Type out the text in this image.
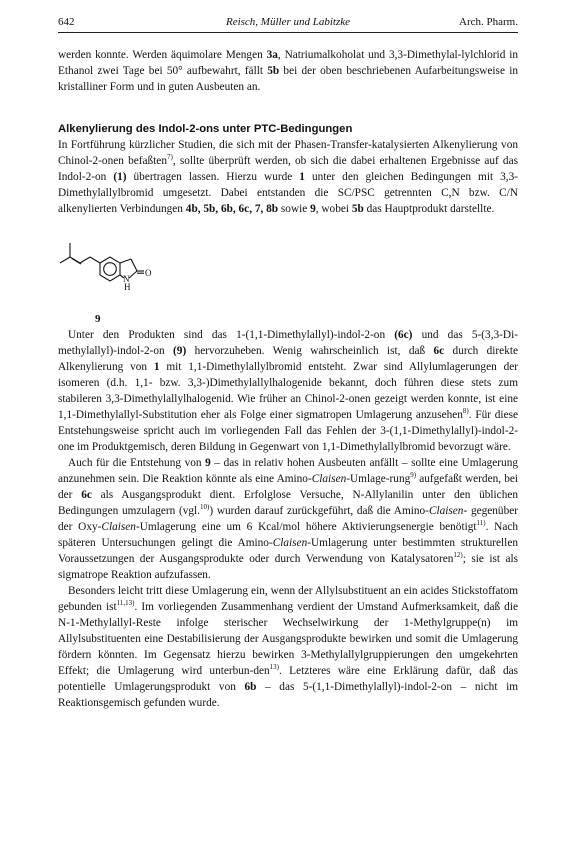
642	Reisch, Müller und Labitzke	Arch. Pharm.

werden konnte. Werden äquimolare Mengen 3a, Natriumalkoholat und 3,3-Dimethylal-lylchlorid in Ethanol zwei Tage bei 50° aufbewahrt, fällt 5b bei der oben beschriebenen Aufarbeitungsweise in kristalliner Form und in guten Ausbeuten an.

Alkenylierung des Indol-2-ons unter PTC-Bedingungen

In Fortführung kürzlicher Studien, die sich mit der Phasen-Transfer-katalysierten Alkenylierung von Chinol-2-onen befaßten$^{7)}$, sollte überprüft werden, ob sich die dabei erhaltenen Ergebnisse auf das Indol-2-on (1) übertragen lassen. Hierzu wurde 1 unter den gleichen Bedingungen mit 3,3-Dimethylallylbromid umgesetzt. Dabei entstanden die SC/PSC getrennten C,N bzw. C/N alkenylierten Verbindungen 4b, 5b, 6b, 6c, 7, 8b sowie 9, wobei 5b das Hauptprodukt darstellte.

N
H
O
9

Unter den Produkten sind das 1-(1,1-Dimethylallyl)-indol-2-on (6c) und das 5-(3,3-Di-methylallyl)-indol-2-on (9) hervorzuheben. Wenig wahrscheinlich ist, daß 6c durch direkte Alkenylierung von 1 mit 1,1-Dimethylallylbromid entsteht. Zwar sind Allylumlagerungen der isomeren (d.h. 1,1- bzw. 3,3-)Dimethylallylhalogenide bekannt, doch führen diese stets zum stabileren 3,3-Dimethylallylhalogenid. Wie früher an Chinol-2-onen gezeigt werden konnte, ist eine 1,1-Dimethylallyl-Substitution eher als Folge einer sigmatropen Umlagerung anzusehen$^{8)}$. Für diese Entstehungsweise spricht auch im vorliegenden Fall das Fehlen der 3-(1,1-Dimethylallyl)-indol-2-one im Produktgemisch, deren Bildung in Gegenwart von 1,1-Dimethylallylbromid bevorzugt wäre.

Auch für die Entstehung von 9 – das in relativ hohen Ausbeuten anfällt – sollte eine Umlagerung anzunehmen sein. Die Reaktion könnte als eine Amino-Claisen-Umlage-rung$^{9)}$ aufgefaßt werden, bei der 6c als Ausgangsprodukt dient. Erfolglose Versuche, N-Allylanilin unter den üblichen Bedingungen umzulagern (vgl.$^{10)}$) wurden darauf zurückgeführt, daß die Amino-Claisen- gegenüber der Oxy-Claisen-Umlagerung eine um 6 Kcal/mol höhere Aktivierungsenergie benötigt$^{11)}$. Nach späteren Untersuchungen gelingt die Amino-Claisen-Umlagerung unter bestimmten strukturellen Voraussetzungen der Ausgangsprodukte oder durch Verwendung von Katalysatoren$^{12)}$; sie ist als sigmatrope Reaktion aufzufassen.

Besonders leicht tritt diese Umlagerung ein, wenn der Allylsubstituent an ein acides Stickstoffatom gebunden ist$^{11,13)}$. Im vorliegenden Zusammenhang verdient der Umstand Aufmerksamkeit, daß die N-1-Methylallyl-Reste infolge sterischer Wechselwirkung der 1-Methylgruppe(n) im Allylsubstituenten eine Destabilisierung der Ausgangsprodukte bewirken und somit die Umlagerung fördern könnten. Im Gegensatz hierzu bewirken 3-Methylallylgruppierungen den umgekehrten Effekt; die Umlagerung wird unterbun-den$^{13)}$. Letzteres wäre eine Erklärung dafür, daß das potentielle Umlagerungsprodukt von 6b – das 5-(1,1-Dimethylallyl)-indol-2-on – nicht im Reaktionsgemisch gefunden wurde.
